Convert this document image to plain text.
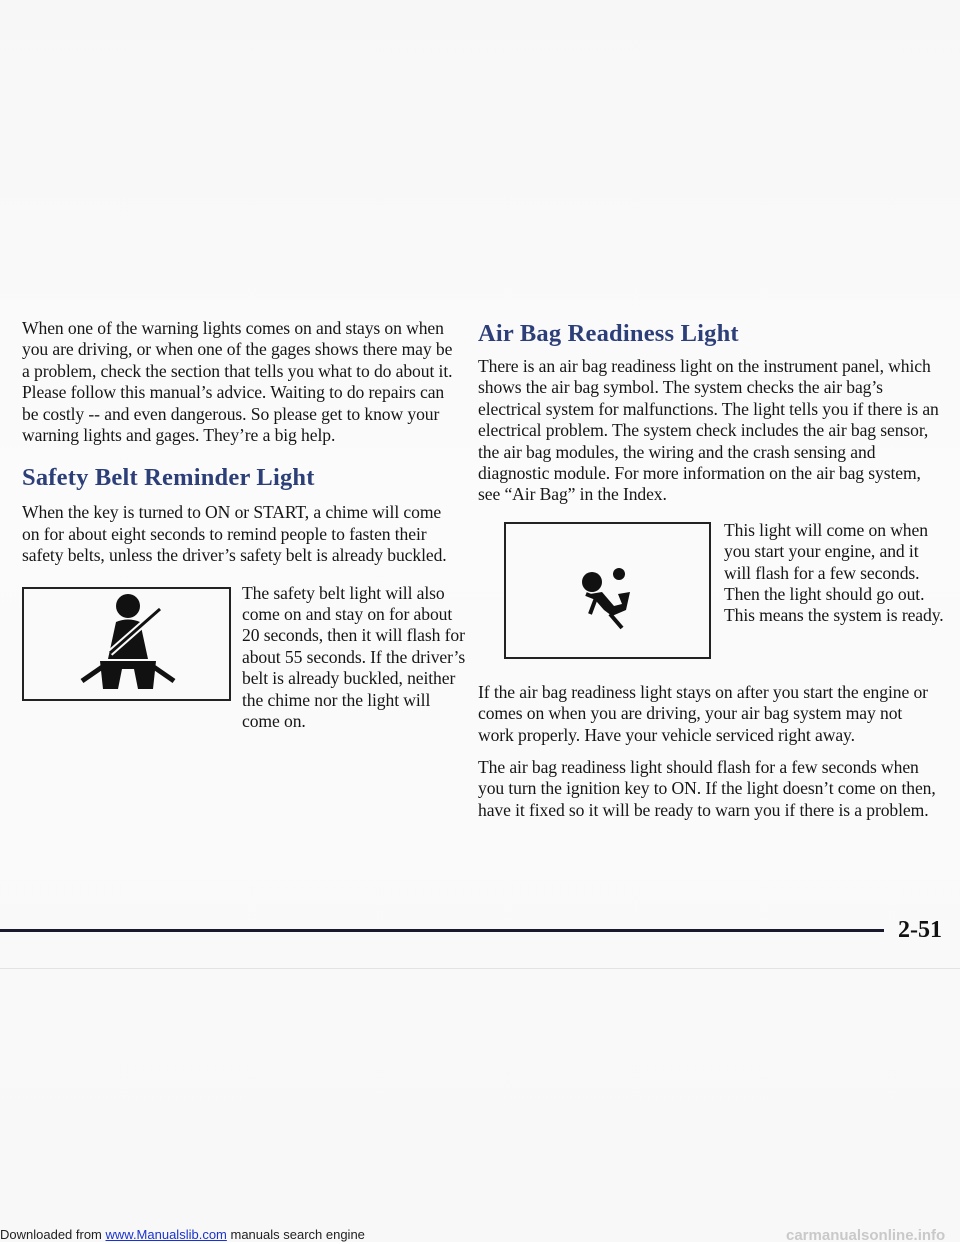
When one of the warning lights comes on and stays on when you are driving, or when one of the gages shows there may be a problem, check the section that tells you what to do about it. Please follow this manual’s advice. Waiting to do repairs can be costly -- and even dangerous. So please get to know your warning lights and gages. They’re a big help.

Safety Belt Reminder Light

When the key is turned to ON or START, a chime will come on for about eight seconds to remind people to fasten their safety belts, unless the driver’s safety belt is already buckled.

The safety belt light will also come on and stay on for about 20 seconds, then it will flash for about 55 seconds. If the driver’s belt is already buckled, neither the chime nor the light will come on.

Air Bag Readiness Light

There is an air bag readiness light on the instrument panel, which shows the air bag symbol. The system checks the air bag’s electrical system for malfunctions. The light tells you if there is an electrical problem. The system check includes the air bag sensor, the air bag modules, the wiring and the crash sensing and diagnostic module. For more information on the air bag system, see “Air Bag” in the Index.

This light will come on when you start your engine, and it will flash for a few seconds. Then the light should go out. This means the system is ready.

If the air bag readiness light stays on after you start the engine or comes on when you are driving, your air bag system may not work properly. Have your vehicle serviced right away.

The air bag readiness light should flash for a few seconds when you turn the ignition key to ON. If the light doesn’t come on then, have it fixed so it will be ready to warn you if there is a problem.

2-51
Downloaded from www.Manualslib.com manuals search engine	carmanualsonline.info
